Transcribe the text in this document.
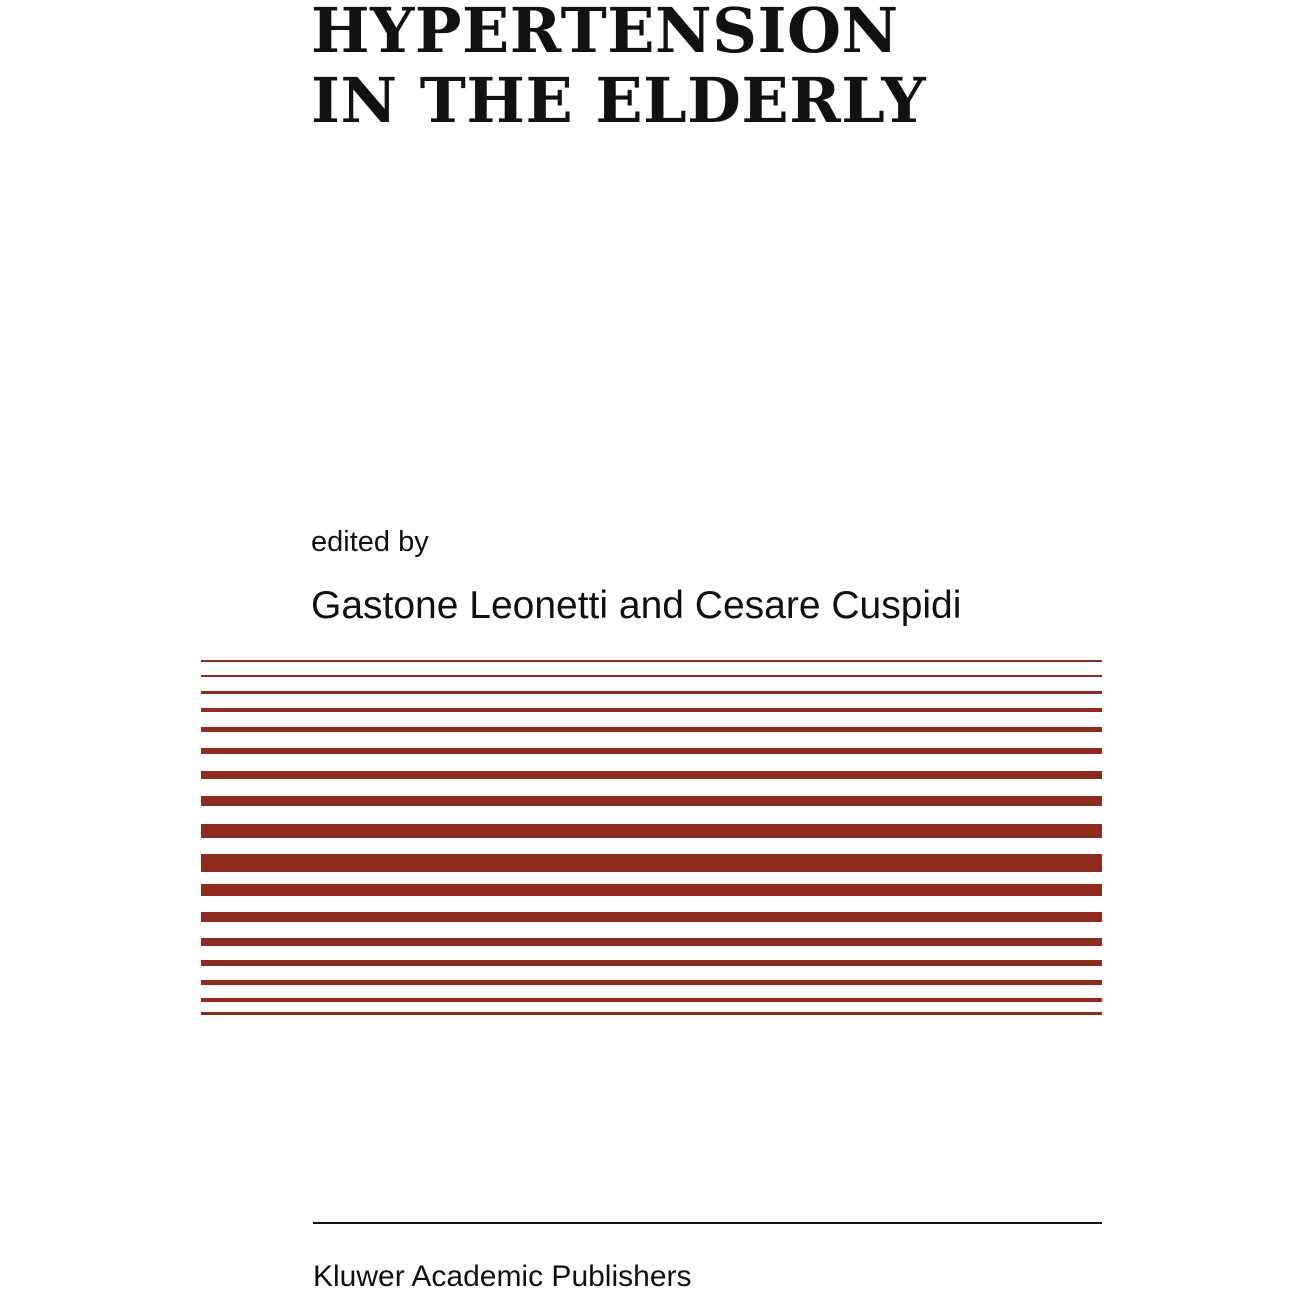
HYPERTENSION
IN THE ELDERLY
edited by
Gastone Leonetti and Cesare Cuspidi
Kluwer Academic Publishers
